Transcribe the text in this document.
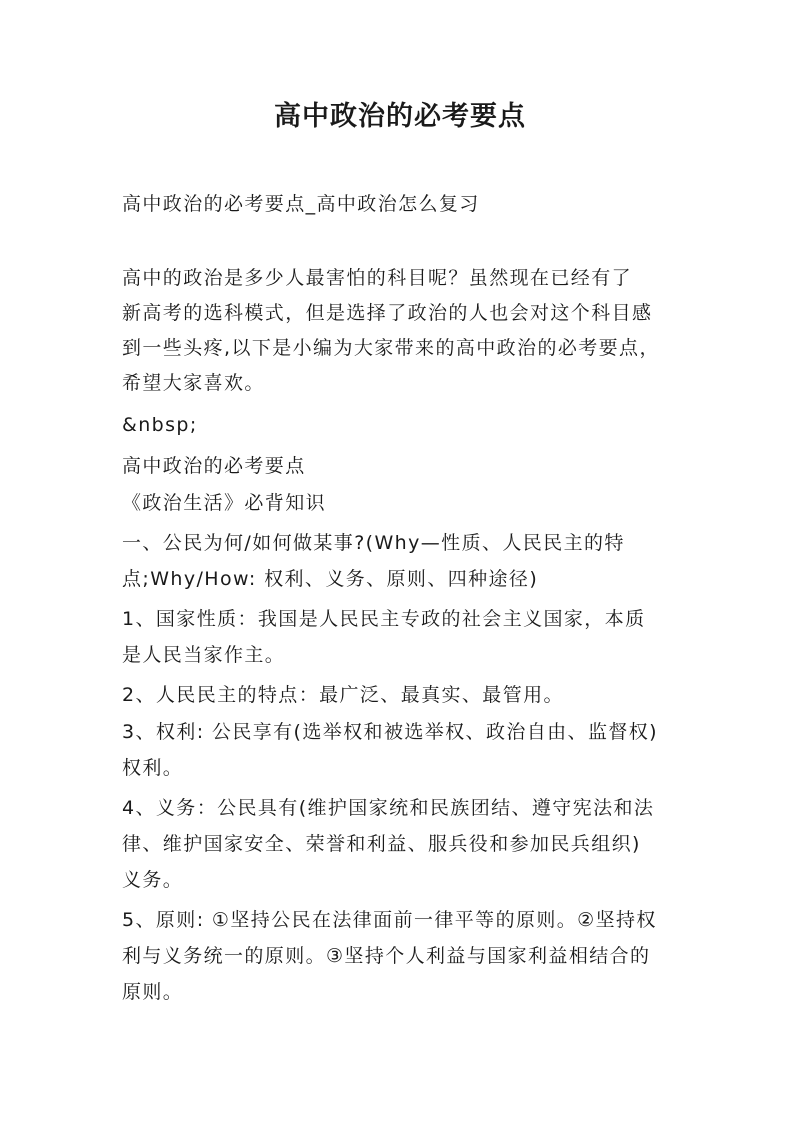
高中政治的必考要点

高中政治的必考要点_高中政治怎么复习

高中的政治是多少人最害怕的科目呢？虽然现在已经有了

新高考的选科模式，但是选择了政治的人也会对这个科目感

到一些头疼,以下是小编为大家带来的高中政治的必考要点，

希望大家喜欢。

&nbsp;

高中政治的必考要点

《政治生活》必背知识

一、公民为何/如何做某事?(Why—性质、人民民主的特

点;Why/How: 权利、义务、原则、四种途径)

1、国家性质：我国是人民民主专政的社会主义国家，本质

是人民当家作主。

2、人民民主的特点：最广泛、最真实、最管用。

3、权利: 公民享有(选举权和被选举权、政治自由、监督权)

权利。

4、义务：公民具有(维护国家统和民族团结、遵守宪法和法

律、维护国家安全、荣誉和利益、服兵役和参加民兵组织)

义务。

5、原则: ①坚持公民在法律面前一律平等的原则。②坚持权

利与义务统一的原则。③坚持个人利益与国家利益相结合的

原则。
